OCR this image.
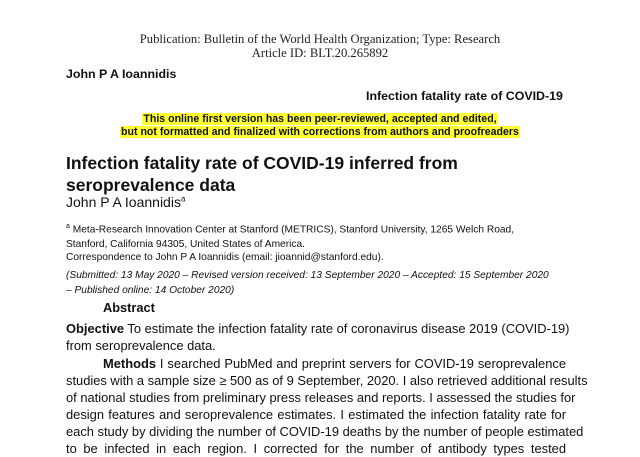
Publication: Bulletin of the World Health Organization; Type: Research
Article ID: BLT.20.265892
John P A Ioannidis
Infection fatality rate of COVID-19
This online first version has been peer-reviewed, accepted and edited,
but not formatted and finalized with corrections from authors and proofreaders
Infection fatality rate of COVID-19 inferred from
seroprevalence data
John P A Ioannidis$^a$
$^a$ Meta-Research Innovation Center at Stanford (METRICS), Stanford University, 1265 Welch Road,
Stanford, California 94305, United States of America.
Correspondence to John P A Ioannidis (email: jioannid@stanford.edu).
(Submitted: 13 May 2020 – Revised version received: 13 September 2020 – Accepted: 15 September 2020
– Published online: 14 October 2020)
Abstract
Objective To estimate the infection fatality rate of coronavirus disease 2019 (COVID-19)
from seroprevalence data.
Methods I searched PubMed and preprint servers for COVID-19 seroprevalence
studies with a sample size ≥ 500 as of 9 September, 2020. I also retrieved additional results
of national studies from preliminary press releases and reports. I assessed the studies for
design features and seroprevalence estimates. I estimated the infection fatality rate for
each study by dividing the number of COVID-19 deaths by the number of people estimated
to be infected in each region. I corrected for the number of antibody types tested
